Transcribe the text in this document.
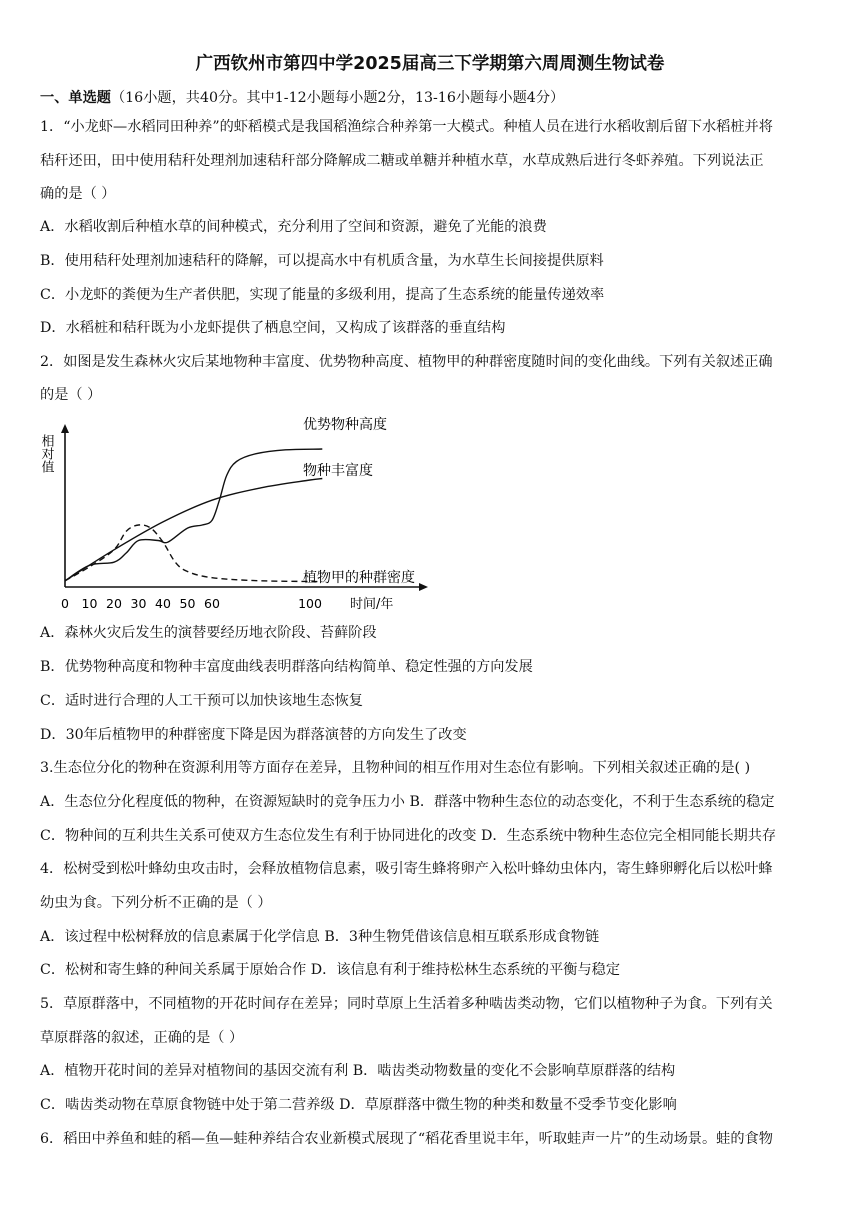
广西钦州市第四中学2025届高三下学期第六周周测生物试卷
一、单选题（16小题，共40分。其中1-12小题每小题2分，13-16小题每小题4分）
1．“小龙虾—水稻同田种养”的虾稻模式是我国稻渔综合种养第一大模式。种植人员在进行水稻收割后留下水稻桩并将
秸秆还田，田中使用秸秆处理剂加速秸秆部分降解成二糖或单糖并种植水草，水草成熟后进行冬虾养殖。下列说法正
确的是（ ）
A．水稻收割后种植水草的间种模式，充分利用了空间和资源，避免了光能的浪费
B．使用秸秆处理剂加速秸秆的降解，可以提高水中有机质含量，为水草生长间接提供原料
C．小龙虾的粪便为生产者供肥，实现了能量的多级利用，提高了生态系统的能量传递效率
D．水稻桩和秸秆既为小龙虾提供了栖息空间，又构成了该群落的垂直结构
2．如图是发生森林火灾后某地物种丰富度、优势物种高度、植物甲的种群密度随时间的变化曲线。下列有关叙述正确
的是（ ）
相对值
时间/年
0 10 20 30 40 50 60	100
优势物种高度
物种丰富度
植物甲的种群密度
A．森林火灾后发生的演替要经历地衣阶段、苔藓阶段
B．优势物种高度和物种丰富度曲线表明群落向结构简单、稳定性强的方向发展
C．适时进行合理的人工干预可以加快该地生态恢复
D．30年后植物甲的种群密度下降是因为群落演替的方向发生了改变
3.生态位分化的物种在资源利用等方面存在差异，且物种间的相互作用对生态位有影响。下列相关叙述正确的是( )
A．生态位分化程度低的物种，在资源短缺时的竞争压力小 B．群落中物种生态位的动态变化，不利于生态系统的稳定
C．物种间的互利共生关系可使双方生态位发生有利于协同进化的改变 D．生态系统中物种生态位完全相同能长期共存
4．松树受到松叶蜂幼虫攻击时，会释放植物信息素，吸引寄生蜂将卵产入松叶蜂幼虫体内，寄生蜂卵孵化后以松叶蜂
幼虫为食。下列分析不正确的是（ ）
A．该过程中松树释放的信息素属于化学信息 B．3种生物凭借该信息相互联系形成食物链
C．松树和寄生蜂的种间关系属于原始合作 D．该信息有利于维持松林生态系统的平衡与稳定
5．草原群落中，不同植物的开花时间存在差异；同时草原上生活着多种啮齿类动物，它们以植物种子为食。下列有关
草原群落的叙述，正确的是（ ）
A．植物开花时间的差异对植物间的基因交流有利 B．啮齿类动物数量的变化不会影响草原群落的结构
C．啮齿类动物在草原食物链中处于第二营养级 D．草原群落中微生物的种类和数量不受季节变化影响
6．稻田中养鱼和蛙的稻—鱼—蛙种养结合农业新模式展现了“稻花香里说丰年，听取蛙声一片”的生动场景。蛙的食物
